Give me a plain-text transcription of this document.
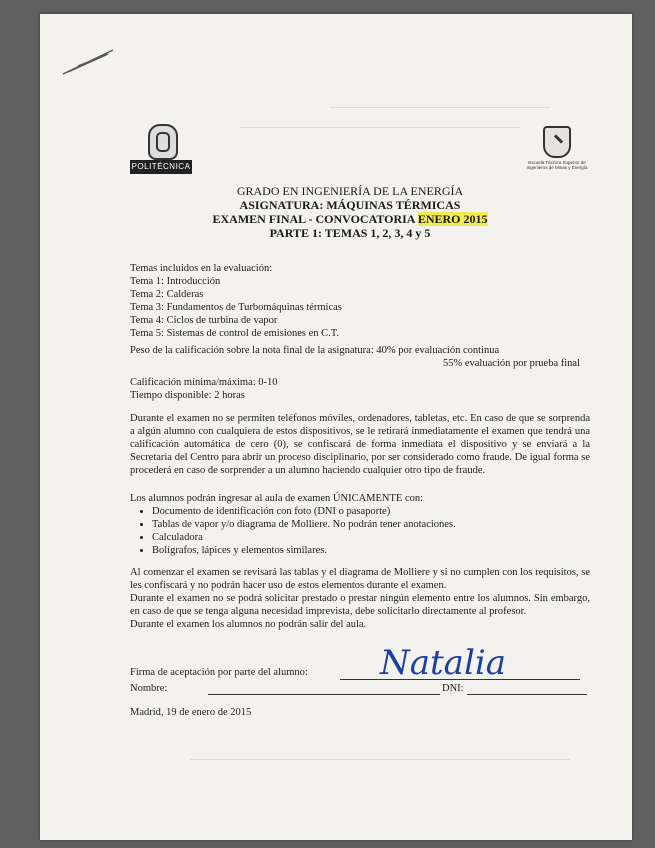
——————————————————————
————————————————————————————
——————————————————————————————————————
POLITÉCNICA	Escuela Técnica Superior de Ingenieros de Minas y Energía
GRADO EN INGENIERÍA DE LA ENERGÍA
ASIGNATURA: MÁQUINAS TÉRMICAS
EXAMEN FINAL - CONVOCATORIA ENERO 2015
PARTE 1: TEMAS 1, 2, 3, 4 y 5

Temas incluidos en la evaluación:

Tema 1: Introducción

Tema 2: Calderas

Tema 3: Fundamentos de Turbomáquinas térmicas

Tema 4: Ciclos de turbina de vapor

Tema 5: Sistemas de control de emisiones en C.T.

Peso de la calificación sobre la nota final de la asignatura: 40% por evaluación continua

55% evaluación por prueba final

Calificación mínima/máxima: 0-10

Tiempo disponible: 2 horas

Durante el examen no se permiten teléfonos móviles, ordenadores, tabletas, etc. En caso de que se sorprenda a algún alumno con cualquiera de estos dispositivos, se le retirará inmediatamente el examen que tendrá una calificación automática de cero (0), se confiscará de forma inmediata el dispositivo y se enviará a la Secretaría del Centro para abrir un proceso disciplinario, por ser considerado como fraude. De igual forma se procederá en caso de sorprender a un alumno haciendo cualquier otro tipo de fraude.

Los alumnos podrán ingresar al aula de examen ÚNICAMENTE con:

• Documento de identificación con foto (DNI o pasaporte)
• Tablas de vapor y/o diagrama de Molliere. No podrán tener anotaciones.
• Calculadora
• Bolígrafos, lápices y elementos similares.

Al comenzar el examen se revisará las tablas y el diagrama de Molliere y si no cumplen con los requisitos, se les confiscará y no podrán hacer uso de estos elementos durante el examen.

Durante el examen no se podrá solicitar prestado o prestar ningún elemento entre los alumnos. Sin embargo, en caso de que se tenga alguna necesidad imprevista, debe solicitarlo directamente al profesor.

Durante el examen los alumnos no podrán salir del aula.

Firma de aceptación por parte del alumno:	Natalia
Nombre:	DNI:
Madrid, 19 de enero de 2015
